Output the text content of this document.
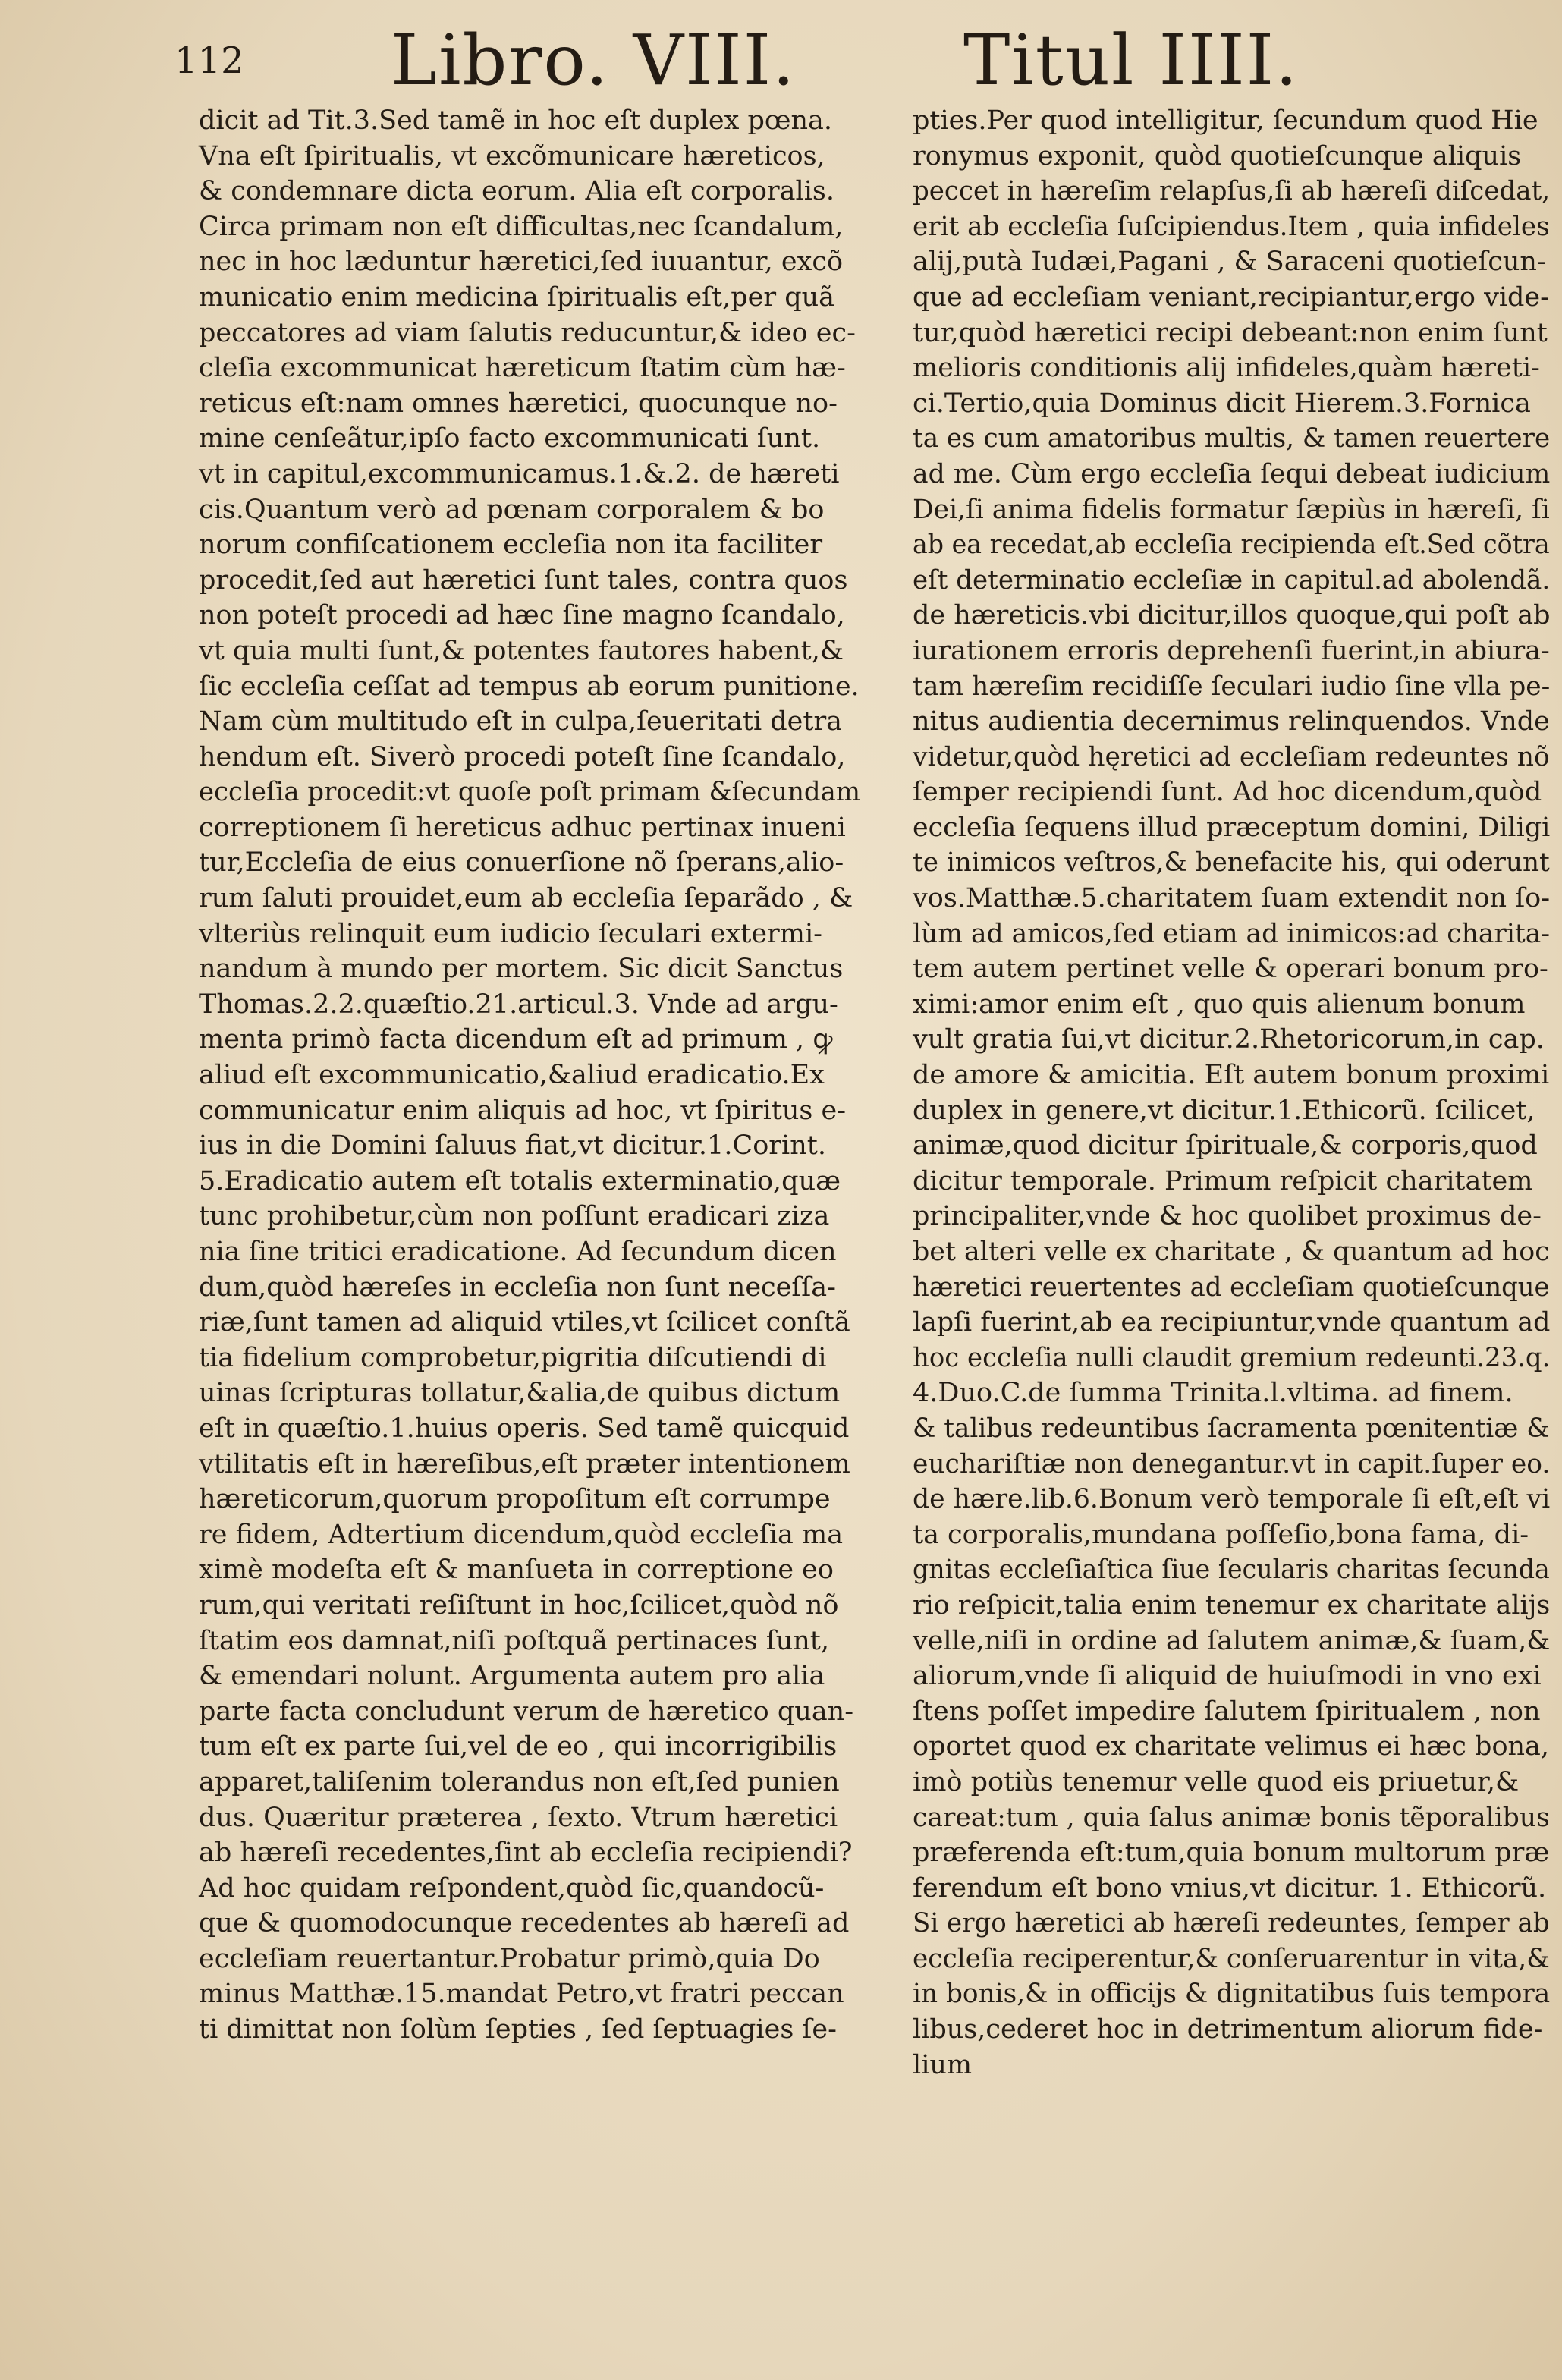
112 Libro. VIII. Titul IIII.
dicit ad Tit.3.Sed tamẽ in hoc eſt duplex pœna.
Vna eſt ſpiritualis, vt excõmunicare hæreticos,
& condemnare dicta eorum. Alia eſt corporalis.
Circa primam non eſt difficultas,nec ſcandalum,
nec in hoc læduntur hæretici,ſed iuuantur, excõ
municatio enim medicina ſpiritualis eſt,per quã
peccatores ad viam ſalutis reducuntur,& ideo ec-
cleſia excommunicat hæreticum ſtatim cùm hæ-
reticus eſt:nam omnes hæretici, quocunque no-
mine cenſeãtur,ipſo facto excommunicati ſunt.
vt in capitul,excommunicamus.1.&.2. de hæreti
cis.Quantum verò ad pœnam corporalem & bo
norum confiſcationem eccleſia non ita faciliter
procedit,ſed aut hæretici ſunt tales, contra quos
non poteſt procedi ad hæc ſine magno ſcandalo,
vt quia multi ſunt,& potentes fautores habent,&
ſic eccleſia ceſſat ad tempus ab eorum punitione.
Nam cùm multitudo eſt in culpa,ſeueritati detra
hendum eſt. Siverò procedi poteſt ſine ſcandalo,
eccleſia procedit:vt quoſe poſt primam &ſecundam
correptionem ſi hereticus adhuc pertinax inueni
tur,Eccleſia de eius conuerſione nõ ſperans,alio-
rum ſaluti prouidet,eum ab eccleſia ſeparãdo , &
vlteriùs relinquit eum iudicio ſeculari extermi-
nandum à mundo per mortem. Sic dicit Sanctus
Thomas.2.2.quæſtio.21.articul.3. Vnde ad argu-
menta primò facta dicendum eſt ad primum , ꝙ
aliud eſt excommunicatio,&aliud eradicatio.Ex
communicatur enim aliquis ad hoc, vt ſpiritus e-
ius in die Domini ſaluus fiat,vt dicitur.1.Corint.
5.Eradicatio autem eſt totalis exterminatio,quæ
tunc prohibetur,cùm non poſſunt eradicari ziza
nia ſine tritici eradicatione. Ad ſecundum dicen
dum,quòd hæreſes in eccleſia non ſunt neceſſa-
riæ,ſunt tamen ad aliquid vtiles,vt ſcilicet conſtã
tia fidelium comprobetur,pigritia diſcutiendi di
uinas ſcripturas tollatur,&alia,de quibus dictum
eſt in quæſtio.1.huius operis. Sed tamẽ quicquid
vtilitatis eſt in hæreſibus,eſt præter intentionem
hæreticorum,quorum propoſitum eſt corrumpe
re fidem, Adtertium dicendum,quòd eccleſia ma
ximè modeſta eſt & manſueta in correptione eo
rum,qui veritati reſiſtunt in hoc,ſcilicet,quòd nõ
ſtatim eos damnat,niſi poſtquã pertinaces ſunt,
& emendari nolunt. Argumenta autem pro alia
parte facta concludunt verum de hæretico quan-
tum eſt ex parte ſui,vel de eo , qui incorrigibilis
apparet,taliſenim tolerandus non eſt,ſed punien
dus. Quæritur præterea , ſexto. Vtrum hæretici
ab hæreſi recedentes,ſint ab eccleſia recipiendi?
Ad hoc quidam reſpondent,quòd ſic,quandocũ-
que & quomodocunque recedentes ab hæreſi ad
eccleſiam reuertantur.Probatur primò,quia Do
minus Matthæ.15.mandat Petro,vt fratri peccan
ti dimittat non ſolùm ſepties , ſed ſeptuagies ſe-
pties.Per quod intelligitur, ſecundum quod Hie
ronymus exponit, quòd quotieſcunque aliquis
peccet in hæreſim relapſus,ſi ab hæreſi diſcedat,
erit ab eccleſia ſuſcipiendus.Item , quia infideles
alij,putà Iudæi,Pagani , & Saraceni quotieſcun-
que ad eccleſiam veniant,recipiantur,ergo vide-
tur,quòd hæretici recipi debeant:non enim ſunt
melioris conditionis alij infideles,quàm hæreti-
ci.Tertio,quia Dominus dicit Hierem.3.Fornica
ta es cum amatoribus multis, & tamen reuertere
ad me. Cùm ergo eccleſia ſequi debeat iudicium
Dei,ſi anima fidelis formatur ſæpiùs in hæreſi, ſi
ab ea recedat,ab eccleſia recipienda eſt.Sed cõtra
eſt determinatio eccleſiæ in capitul.ad abolendã.
de hæreticis.vbi dicitur,illos quoque,qui poſt ab
iurationem erroris deprehenſi fuerint,in abiura-
tam hæreſim recidiſſe ſeculari iudio ſine vlla pe-
nitus audientia decernimus relinquendos. Vnde
videtur,quòd hęretici ad eccleſiam redeuntes nõ
ſemper recipiendi ſunt. Ad hoc dicendum,quòd
eccleſia ſequens illud præceptum domini, Diligi
te inimicos veſtros,& benefacite his, qui oderunt
vos.Matthæ.5.charitatem ſuam extendit non ſo-
lùm ad amicos,ſed etiam ad inimicos:ad charita-
tem autem pertinet velle & operari bonum pro-
ximi:amor enim eſt , quo quis alienum bonum
vult gratia ſui,vt dicitur.2.Rhetoricorum,in cap.
de amore & amicitia. Eſt autem bonum proximi
duplex in genere,vt dicitur.1.Ethicorũ. ſcilicet,
animæ,quod dicitur ſpirituale,& corporis,quod
dicitur temporale. Primum reſpicit charitatem
principaliter,vnde & hoc quolibet proximus de-
bet alteri velle ex charitate , & quantum ad hoc
hæretici reuertentes ad eccleſiam quotieſcunque
lapſi fuerint,ab ea recipiuntur,vnde quantum ad
hoc eccleſia nulli claudit gremium redeunti.23.q.
4.Duo.C.de ſumma Trinita.l.vltima. ad finem.
& talibus redeuntibus ſacramenta pœnitentiæ &
euchariſtiæ non denegantur.vt in capit.ſuper eo.
de hære.lib.6.Bonum verò temporale ſi eſt,eſt vi
ta corporalis,mundana poſſeſio,bona fama, di-
gnitas eccleſiaſtica ſiue ſecularis charitas ſecunda
rio reſpicit,talia enim tenemur ex charitate alijs
velle,niſi in ordine ad ſalutem animæ,& ſuam,&
aliorum,vnde ſi aliquid de huiuſmodi in vno exi
ſtens poſſet impedire ſalutem ſpiritualem , non
oportet quod ex charitate velimus ei hæc bona,
imò potiùs tenemur velle quod eis priuetur,&
careat:tum , quia ſalus animæ bonis tẽporalibus
præferenda eſt:tum,quia bonum multorum præ
ferendum eſt bono vnius,vt dicitur. 1. Ethicorũ.
Si ergo hæretici ab hæreſi redeuntes, ſemper ab
eccleſia reciperentur,& conſeruarentur in vita,&
in bonis,& in officijs & dignitatibus ſuis tempora
libus,cederet hoc in detrimentum aliorum fide-
lium
